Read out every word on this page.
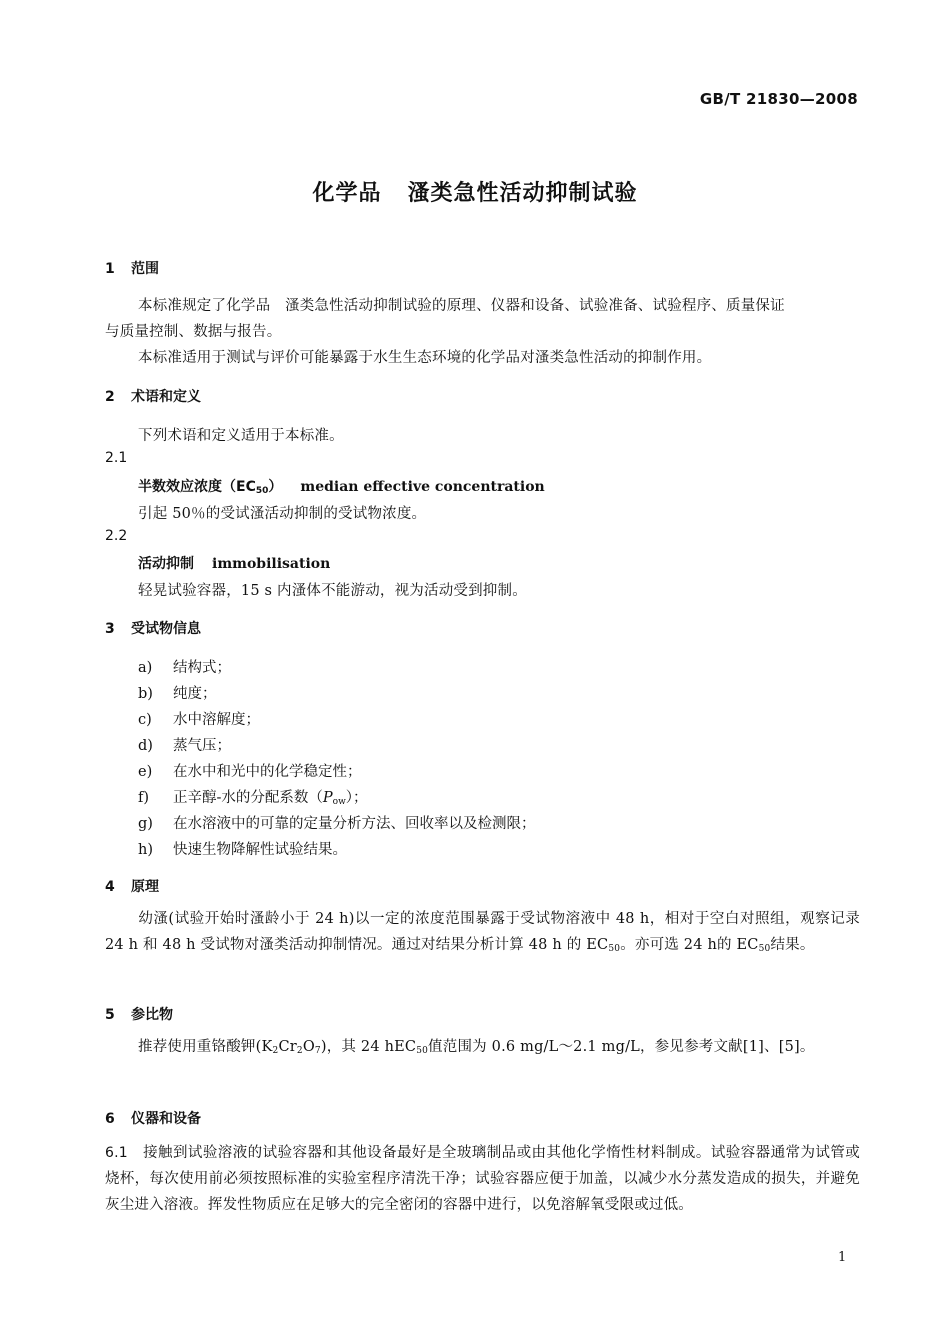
GB/T 21830—2008
化学品 溞类急性活动抑制试验
1 范围
本标准规定了化学品　溞类急性活动抑制试验的原理、仪器和设备、试验准备、试验程序、质量保证
与质量控制、数据与报告。
本标准适用于测试与评价可能暴露于水生生态环境的化学品对溞类急性活动的抑制作用。
2 术语和定义
下列术语和定义适用于本标准。
2.1
半数效应浓度$(EC_{50})$ median effective concentration
引起 50％的受试溞活动抑制的受试物浓度。
2.2
活动抑制 immobilisation
轻晃试验容器，15 s 内溞体不能游动，视为活动受到抑制。
3 受试物信息
a) 结构式；
b) 纯度；
c) 水中溶解度；
d) 蒸气压；
e) 在水中和光中的化学稳定性；
f) 正辛醇-水的分配系数$(P_{ow})$；
g) 在水溶液中的可靠的定量分析方法、回收率以及检测限；
h) 快速生物降解性试验结果。
4 原理
幼溞(试验开始时溞龄小于 24 h)以一定的浓度范围暴露于受试物溶液中 48 h，相对于空白对照组，观察记录 24 h 和 48 h 受试物对溞类活动抑制情况。通过对结果分析计算 48 h 的 $EC_{50}$。亦可选 24 h的 $EC_{50}$结果。
5 参比物
推荐使用重铬酸钾$(K_2Cr_2O_7)$，其 24 hEC$_{50}$值范围为 0.6 mg/L～2.1 mg/L，参见参考文献[1]、[5]。
6 仪器和设备
6.1　 接触到试验溶液的试验容器和其他设备最好是全玻璃制品或由其他化学惰性材料制成。试验容器通常为试管或烧杯，每次使用前必须按照标准的实验室程序清洗干净；试验容器应便于加盖，以减少水分蒸发造成的损失，并避免灰尘进入溶液。挥发性物质应在足够大的完全密闭的容器中进行，以免溶解氧受限或过低。
1
